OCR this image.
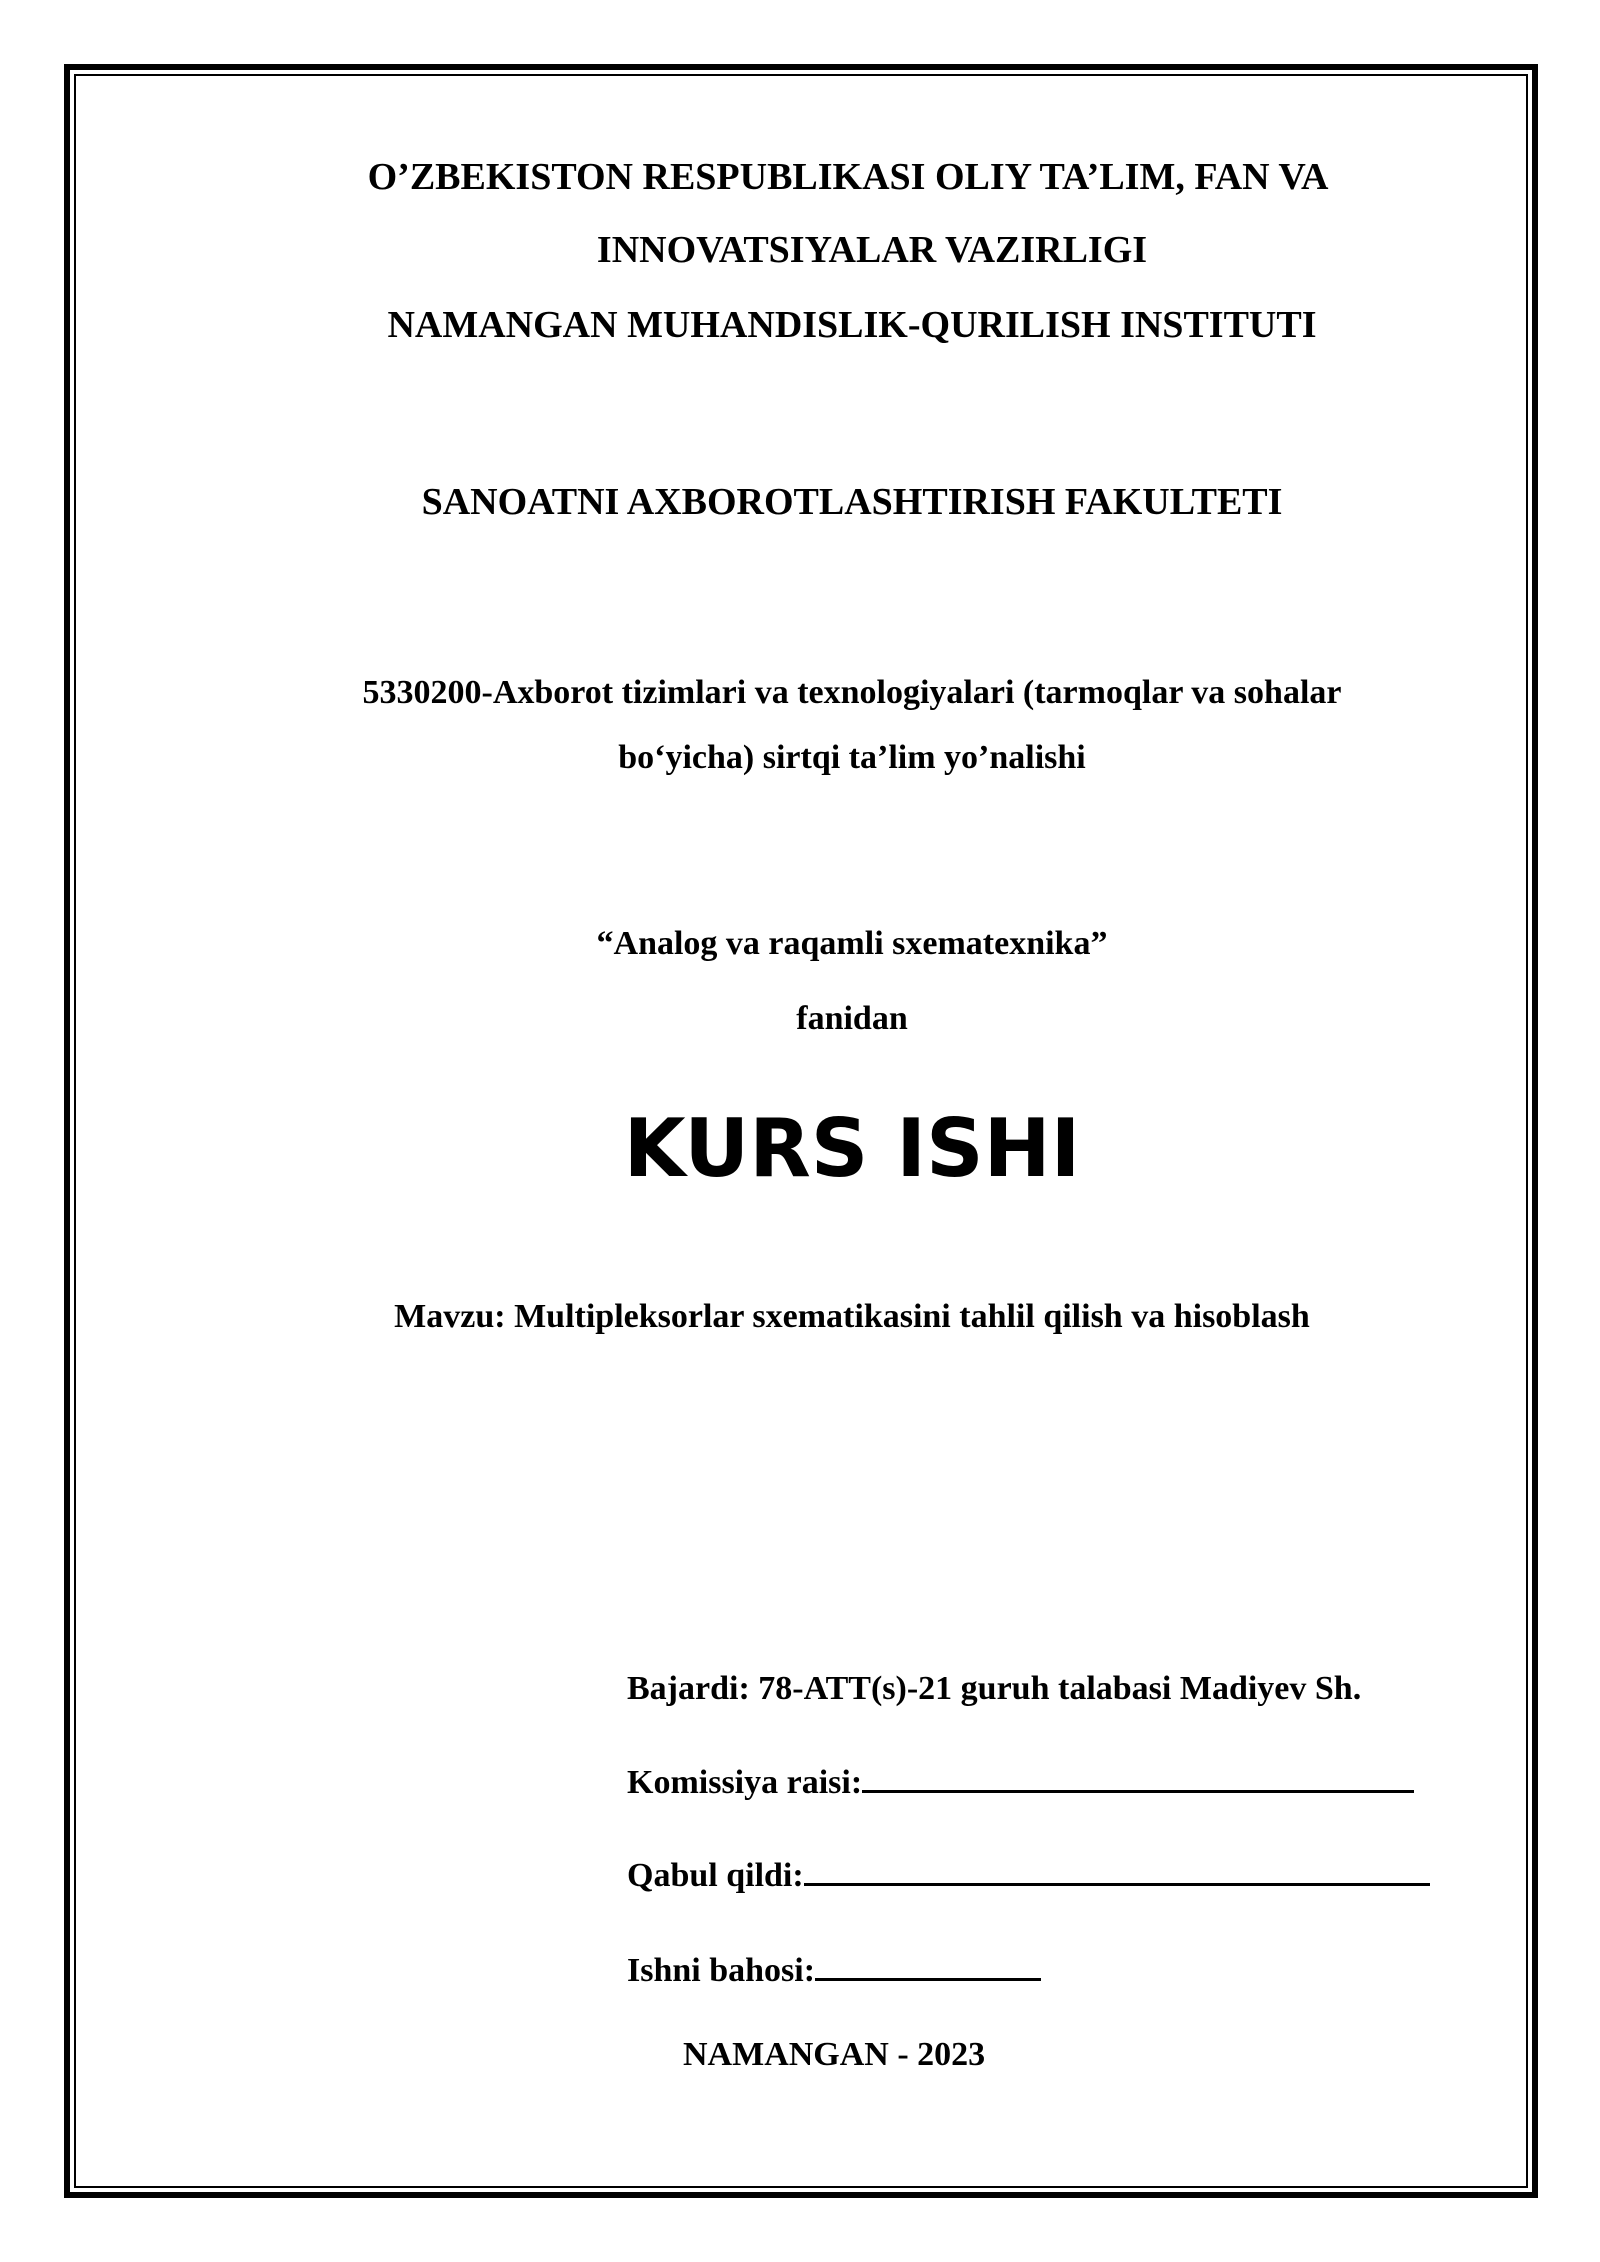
O’ZBEKISTON RESPUBLIKASI OLIY TA’LIM, FAN VA
INNOVATSIYALAR VAZIRLIGI
NAMANGAN MUHANDISLIK-QURILISH INSTITUTI
SANOATNI AXBOROTLASHTIRISH FAKULTETI
5330200-Axborot tizimlari va texnologiyalari (tarmoqlar va sohalar
bo‘yicha) sirtqi ta’lim yo’nalishi
“Analog va raqamli sxematexnika”
fanidan
KURS ISHI
Mavzu: Multipleksorlar sxematikasini tahlil qilish va hisoblash
Bajardi: 78-ATT(s)-21 guruh talabasi Madiyev Sh.
Komissiya raisi:
Qabul qildi:
Ishni bahosi:
NAMANGAN - 2023
